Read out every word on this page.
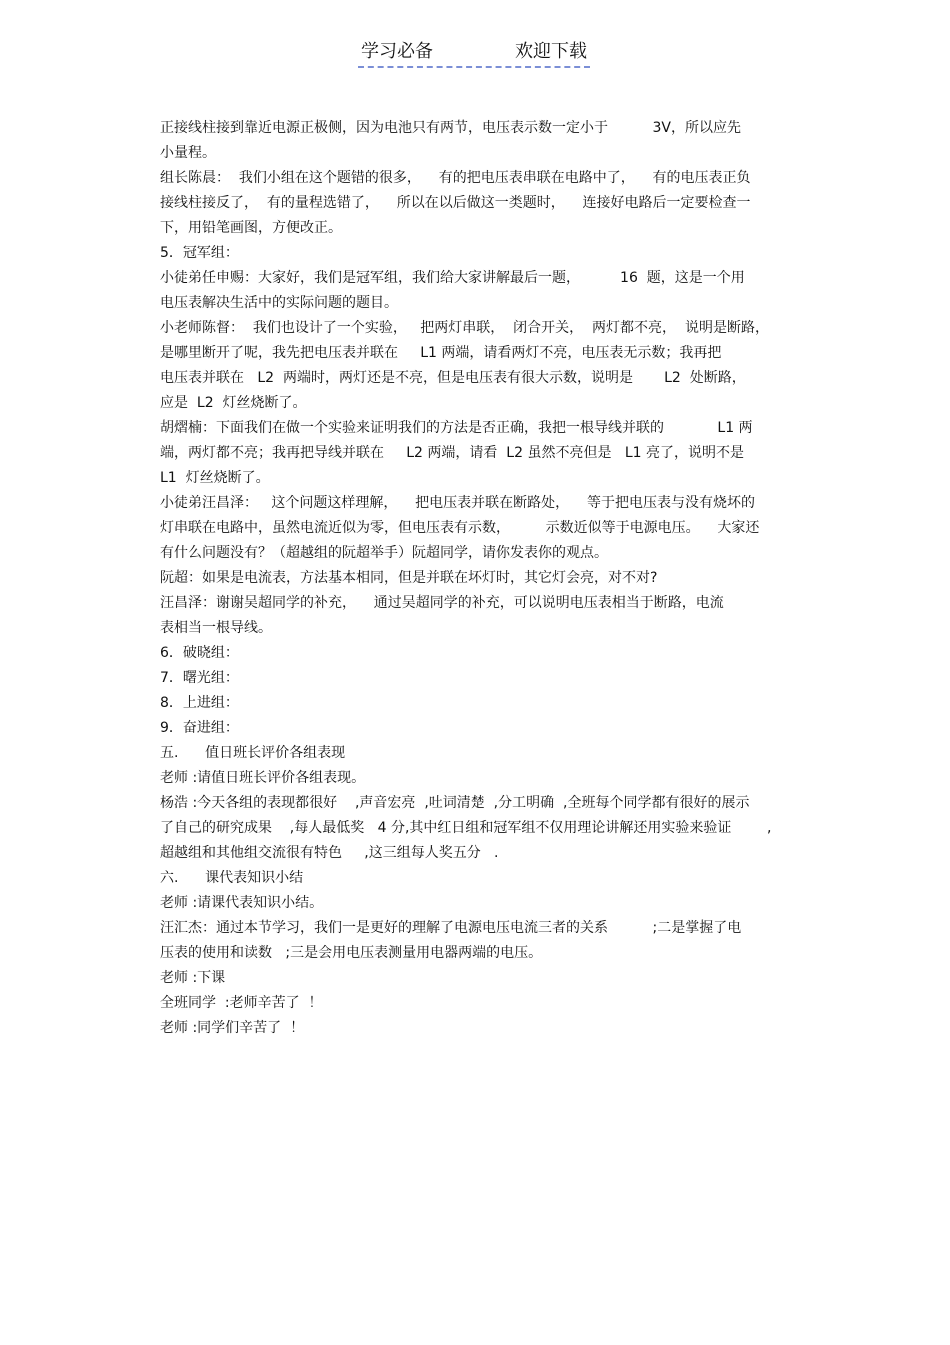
学习必备	欢迎下载
正接线柱接到靠近电源正极侧，因为电池只有两节，电压表示数一定小于          3V，所以应先
小量程。
组长陈晨：  我们小组在这个题错的很多，    有的把电压表串联在电路中了，    有的电压表正负
接线柱接反了，  有的量程选错了，    所以在以后做这一类题时，    连接好电路后一定要检查一
下，用铅笔画图，方便改正。
5．冠军组：
小徒弟任申赐：大家好，我们是冠军组，我们给大家讲解最后一题，         16  题，这是一个用
电压表解决生活中的实际问题的题目。
小老师陈督：  我们也设计了一个实验，   把两灯串联，  闭合开关，  两灯都不亮，  说明是断路，
是哪里断开了呢，我先把电压表并联在     L1 两端，请看两灯不亮，电压表无示数；我再把
电压表并联在   L2  两端时，两灯还是不亮，但是电压表有很大示数，说明是       L2  处断路，
应是  L2  灯丝烧断了。
胡熠楠：下面我们在做一个实验来证明我们的方法是否正确，我把一根导线并联的            L1 两
端，两灯都不亮；我再把导线并联在     L2 两端，请看  L2 虽然不亮但是   L1 亮了，说明不是
L1  灯丝烧断了。
小徒弟汪昌泽：   这个问题这样理解，    把电压表并联在断路处，    等于把电压表与没有烧坏的
灯串联在电路中，虽然电流近似为零，但电压表有示数，        示数近似等于电源电压。    大家还
有什么问题没有？（超越组的阮超举手）阮超同学，请你发表你的观点。
阮超：如果是电流表，方法基本相同，但是并联在坏灯时，其它灯会亮，对不对?
汪昌泽：谢谢吴超同学的补充，    通过吴超同学的补充，可以说明电压表相当于断路，电流
表相当一根导线。
6．破晓组：
7．曙光组：
8．上进组：
9．奋进组：
五.      值日班长评价各组表现
老师 :请值日班长评价各组表现。
杨浩 :今天各组的表现都很好    ,声音宏亮  ,吐词清楚  ,分工明确  ,全班每个同学都有很好的展示
了自己的研究成果    ,每人最低奖   4 分,其中红日组和冠军组不仅用理论讲解还用实验来验证        ,
超越组和其他组交流很有特色     ,这三组每人奖五分   .
六.      课代表知识小结
老师 :请课代表知识小结。
汪汇杰：通过本节学习，我们一是更好的理解了电源电压电流三者的关系          ;二是掌握了电
压表的使用和读数   ;三是会用电压表测量用电器两端的电压。
老师 :下课
全班同学  :老师辛苦了  ！
老师 :同学们辛苦了  ！
